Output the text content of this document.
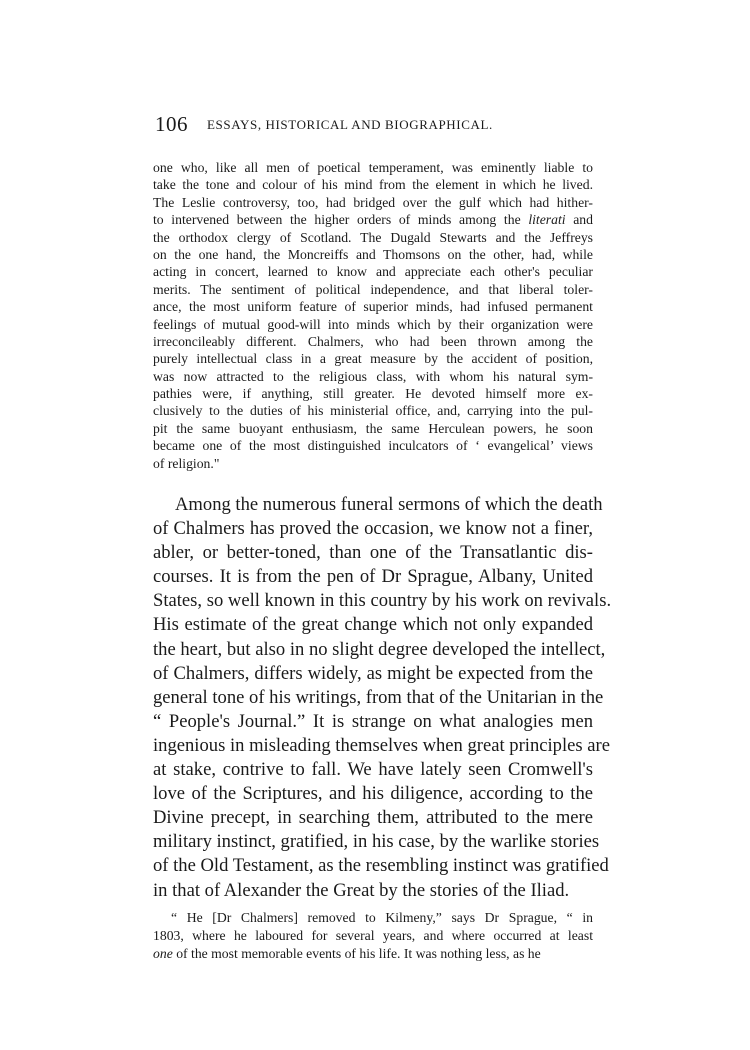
106 ESSAYS, HISTORICAL AND BIOGRAPHICAL.
one who, like all men of poetical temperament, was eminently liable to
take the tone and colour of his mind from the element in which he lived.
The Leslie controversy, too, had bridged over the gulf which had hither-
to intervened between the higher orders of minds among the literati and
the orthodox clergy of Scotland. The Dugald Stewarts and the Jeffreys
on the one hand, the Moncreiffs and Thomsons on the other, had, while
acting in concert, learned to know and appreciate each other's peculiar
merits. The sentiment of political independence, and that liberal toler-
ance, the most uniform feature of superior minds, had infused permanent
feelings of mutual good-will into minds which by their organization were
irreconcileably different. Chalmers, who had been thrown among the
purely intellectual class in a great measure by the accident of position,
was now attracted to the religious class, with whom his natural sym-
pathies were, if anything, still greater. He devoted himself more ex-
clusively to the duties of his ministerial office, and, carrying into the pul-
pit the same buoyant enthusiasm, the same Herculean powers, he soon
became one of the most distinguished inculcators of ‘ evangelical’ views
of religion."
Among the numerous funeral sermons of which the death
of Chalmers has proved the occasion, we know not a finer,
abler, or better-toned, than one of the Transatlantic dis-
courses. It is from the pen of Dr Sprague, Albany, United
States, so well known in this country by his work on revivals.
His estimate of the great change which not only expanded
the heart, but also in no slight degree developed the intellect,
of Chalmers, differs widely, as might be expected from the
general tone of his writings, from that of the Unitarian in the
“ People's Journal.” It is strange on what analogies men
ingenious in misleading themselves when great principles are
at stake, contrive to fall. We have lately seen Cromwell's
love of the Scriptures, and his diligence, according to the
Divine precept, in searching them, attributed to the mere
military instinct, gratified, in his case, by the warlike stories
of the Old Testament, as the resembling instinct was gratified
in that of Alexander the Great by the stories of the Iliad.
“ He [Dr Chalmers] removed to Kilmeny,” says Dr Sprague, “ in
1803, where he laboured for several years, and where occurred at least
one of the most memorable events of his life. It was nothing less, as he
